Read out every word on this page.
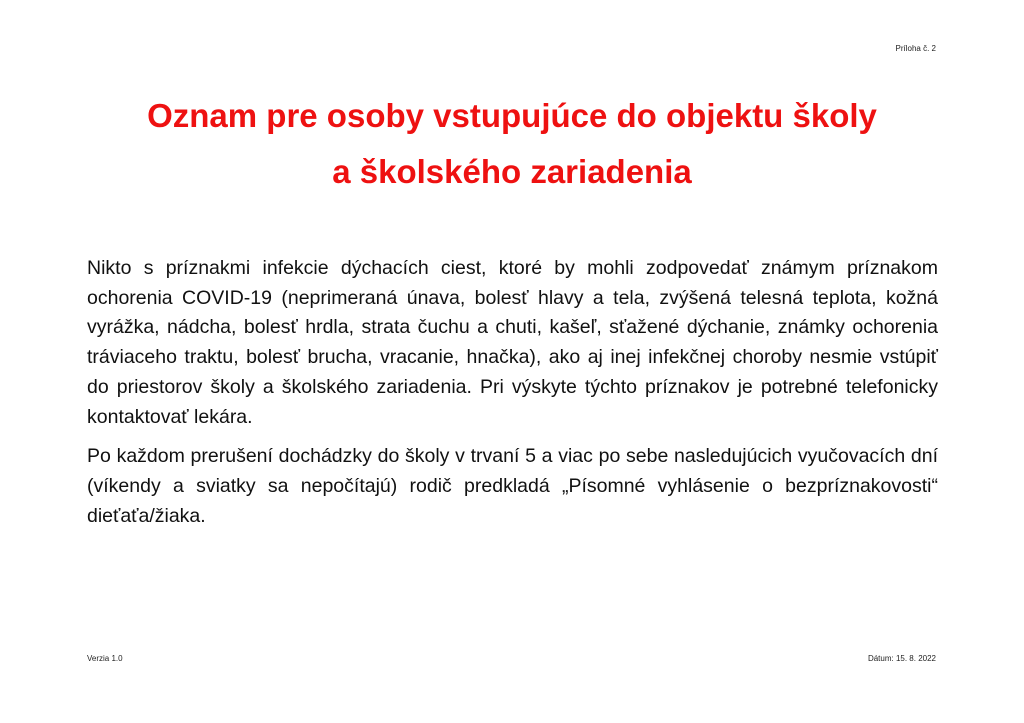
Príloha č. 2
Oznam pre osoby vstupujúce do objektu školy
a školského zariadenia

Nikto s príznakmi infekcie dýchacích ciest, ktoré by mohli zodpovedať známym príznakom ochorenia COVID-19 (neprimeraná únava, bolesť hlavy a tela, zvýšená telesná teplota, kožná vyrážka, nádcha, bolesť hrdla, strata čuchu a chuti, kašeľ, sťažené dýchanie, známky ochorenia tráviaceho traktu, bolesť brucha, vracanie, hnačka), ako aj inej infekčnej choroby nesmie vstúpiť do priestorov školy a školského zariadenia. Pri výskyte týchto príznakov je potrebné telefonicky kontaktovať lekára.

Po každom prerušení dochádzky do školy v trvaní 5 a viac po sebe nasledujúcich vyučovacích dní (víkendy a sviatky sa nepočítajú) rodič predkladá „Písomné vyhlásenie o bezpríznakovosti“ dieťaťa/žiaka.

Verzia 1.0	Dátum: 15. 8. 2022
